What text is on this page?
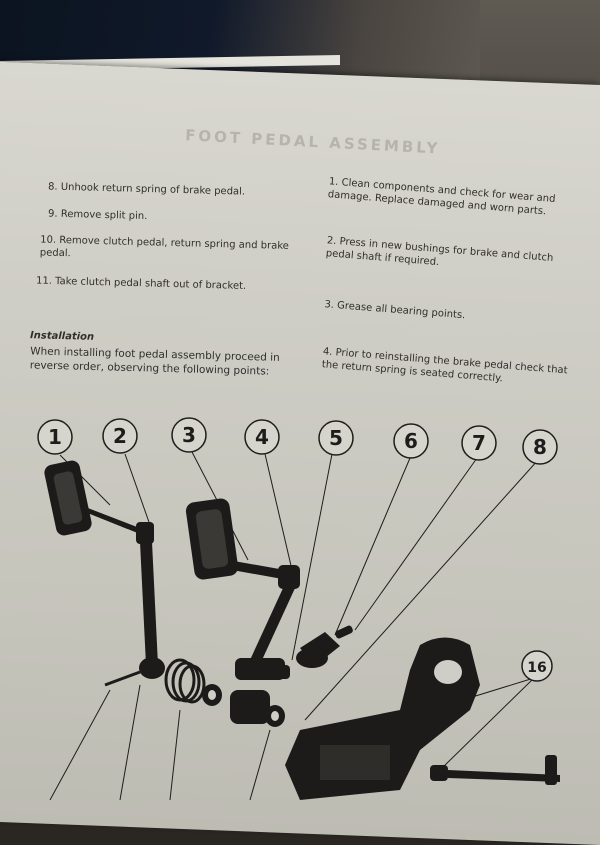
FOOT PEDAL ASSEMBLY
8. Unhook return spring of brake pedal.
9. Remove split pin.
10. Remove clutch pedal, return spring and brake pedal.
11. Take clutch pedal shaft out of bracket.
Installation
When installing foot pedal assembly proceed in reverse order, observing the following points:
1. Clean components and check for wear and damage. Replace damaged and worn parts.
2. Press in new bushings for brake and clutch pedal shaft if required.
3. Grease all bearing points.
4. Prior to reinstalling the brake pedal check that the return spring is seated correctly.
1	2	3	4	5	6	7 8
16
